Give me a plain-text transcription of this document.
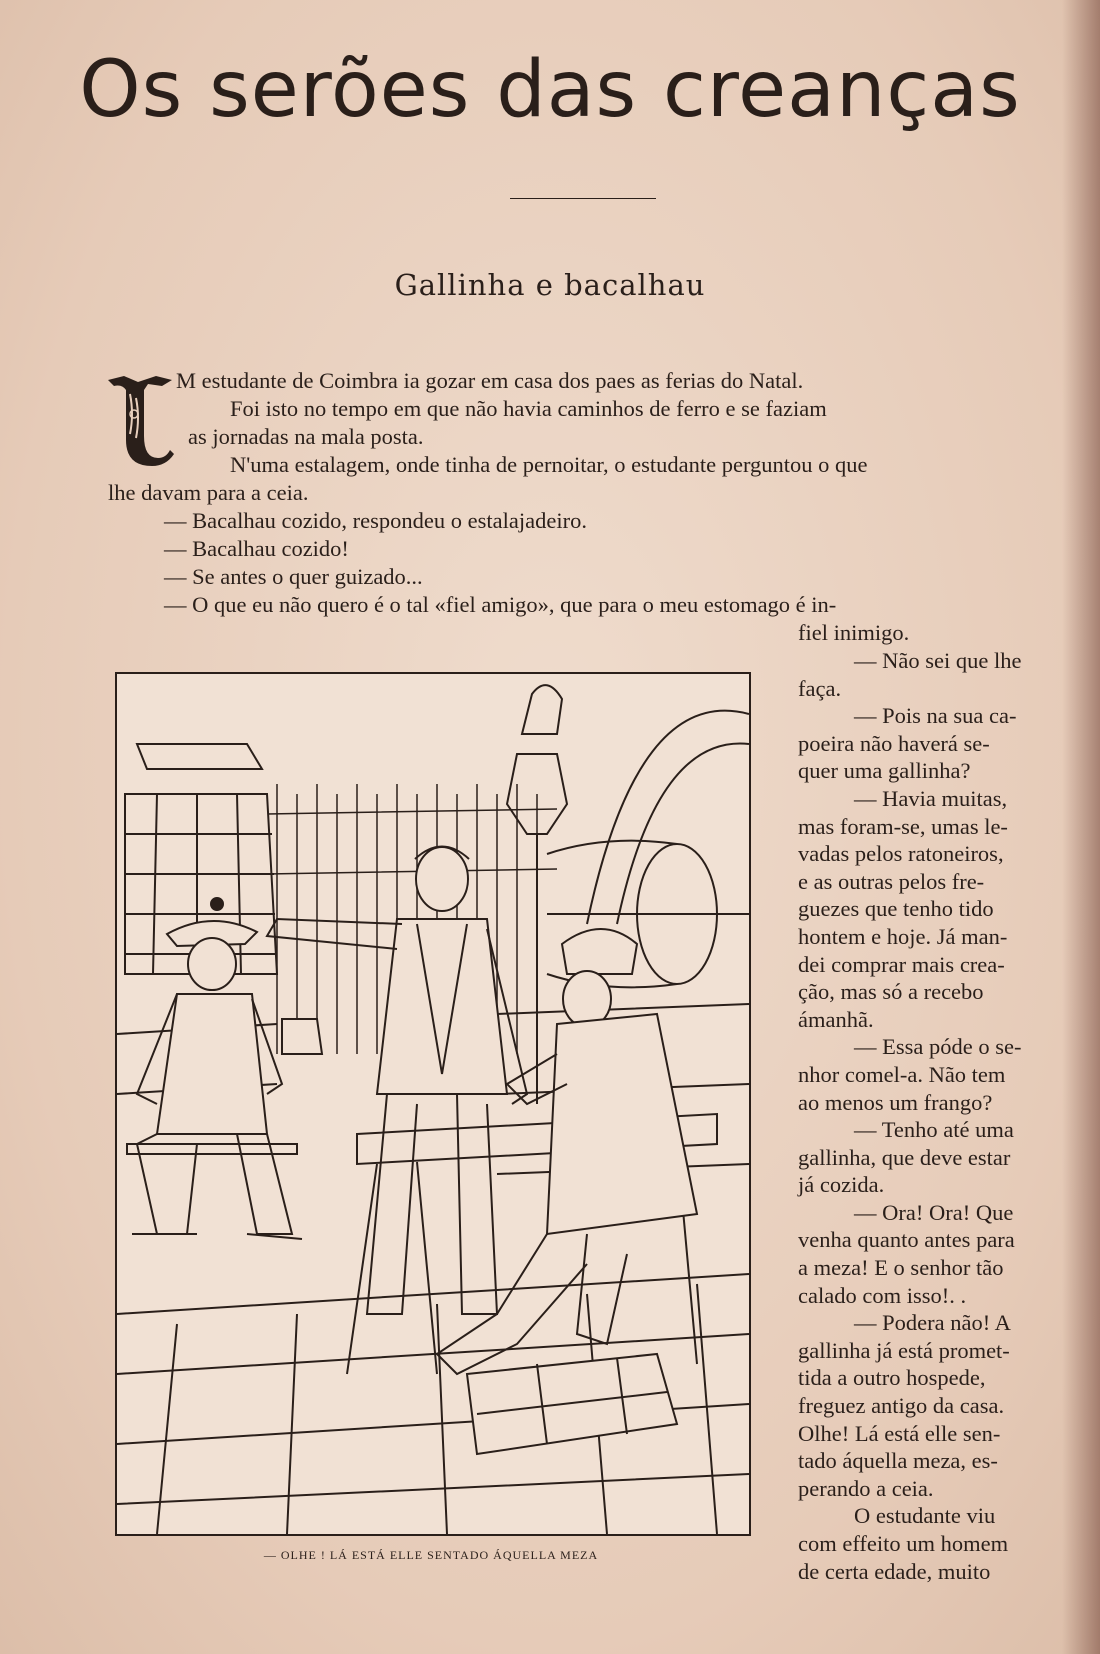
Os serões das creanças
Gallinha e bacalhau
M estudante de Coimbra ia gozar em casa dos paes as ferias do Natal.
Foi isto no tempo em que não havia caminhos de ferro e se faziam
as jornadas na mala posta.
N'uma estalagem, onde tinha de pernoitar, o estudante perguntou o que
lhe davam para a ceia.
— Bacalhau cozido, respondeu o estalajadeiro.
— Bacalhau cozido!
— Se antes o quer guizado...
— O que eu não quero é o tal «fiel amigo», que para o meu estomago é in-
fiel inimigo.
— OLHE ! LÁ ESTÁ ELLE SENTADO ÁQUELLA MEZA
— Não sei que lhe
faça.
— Pois na sua ca-
poeira não haverá se-
quer uma gallinha?
— Havia muitas,
mas foram-se, umas le-
vadas pelos ratoneiros,
e as outras pelos fre-
guezes que tenho tido
hontem e hoje. Já man-
dei comprar mais crea-
ção, mas só a recebo
ámanhã.
— Essa póde o se-
nhor comel-a. Não tem
ao menos um frango?
— Tenho até uma
gallinha, que deve estar
já cozida.
— Ora! Ora! Que
venha quanto antes para
a meza! E o senhor tão
calado com isso!. .
— Podera não! A
gallinha já está promet-
tida a outro hospede,
freguez antigo da casa.
Olhe! Lá está elle sen-
tado áquella meza, es-
perando a ceia.
O estudante viu
com effeito um homem
de certa edade, muito
